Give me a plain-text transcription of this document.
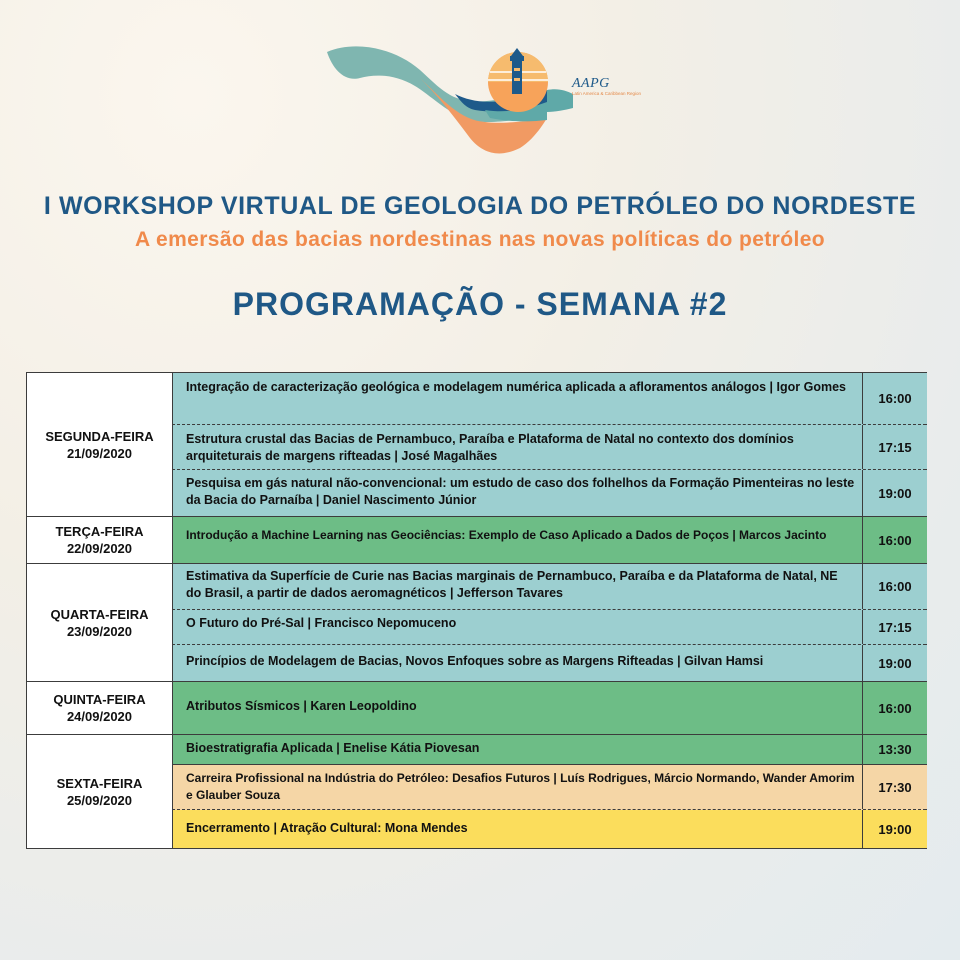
AAPG
Latin America & Caribbean Region
I WORKSHOP VIRTUAL DE GEOLOGIA DO PETRÓLEO DO NORDESTE
A emersão das bacias nordestinas nas novas políticas do petróleo
PROGRAMAÇÃO - SEMANA #2
SEGUNDA-FEIRA
21/09/2020
Integração de caracterização geológica e modelagem numérica aplicada a afloramentos análogos | Igor Gomes
16:00
Estrutura crustal das Bacias de Pernambuco, Paraíba e Plataforma de Natal no contexto dos domínios arquiteturais de margens rifteadas | José Magalhães
17:15
Pesquisa em gás natural não-convencional: um estudo de caso dos folhelhos da Formação Pimenteiras no leste da Bacia do Parnaíba | Daniel Nascimento Júnior	19:00
TERÇA-FEIRA
22/09/2020
Introdução a Machine Learning nas Geociências: Exemplo de Caso Aplicado a Dados de Poços | Marcos Jacinto	16:00
QUARTA-FEIRA
23/09/2020
Estimativa da Superfície de Curie nas Bacias marginais de Pernambuco, Paraíba e da Plataforma de Natal, NE do Brasil, a partir de dados aeromagnéticos | Jefferson Tavares	16:00
O Futuro do Pré-Sal | Francisco Nepomuceno	17:15
Princípios de Modelagem de Bacias, Novos Enfoques sobre as Margens Rifteadas | Gilvan Hamsi	19:00
QUINTA-FEIRA
24/09/2020
Atributos Sísmicos | Karen Leopoldino	16:00
SEXTA-FEIRA
25/09/2020
Bioestratigrafia Aplicada | Enelise Kátia Piovesan	13:30
Carreira Profissional na Indústria do Petróleo: Desafios Futuros | Luís Rodrigues, Márcio Normando, Wander Amorim e Glauber Souza
17:30
Encerramento | Atração Cultural: Mona Mendes	19:00
